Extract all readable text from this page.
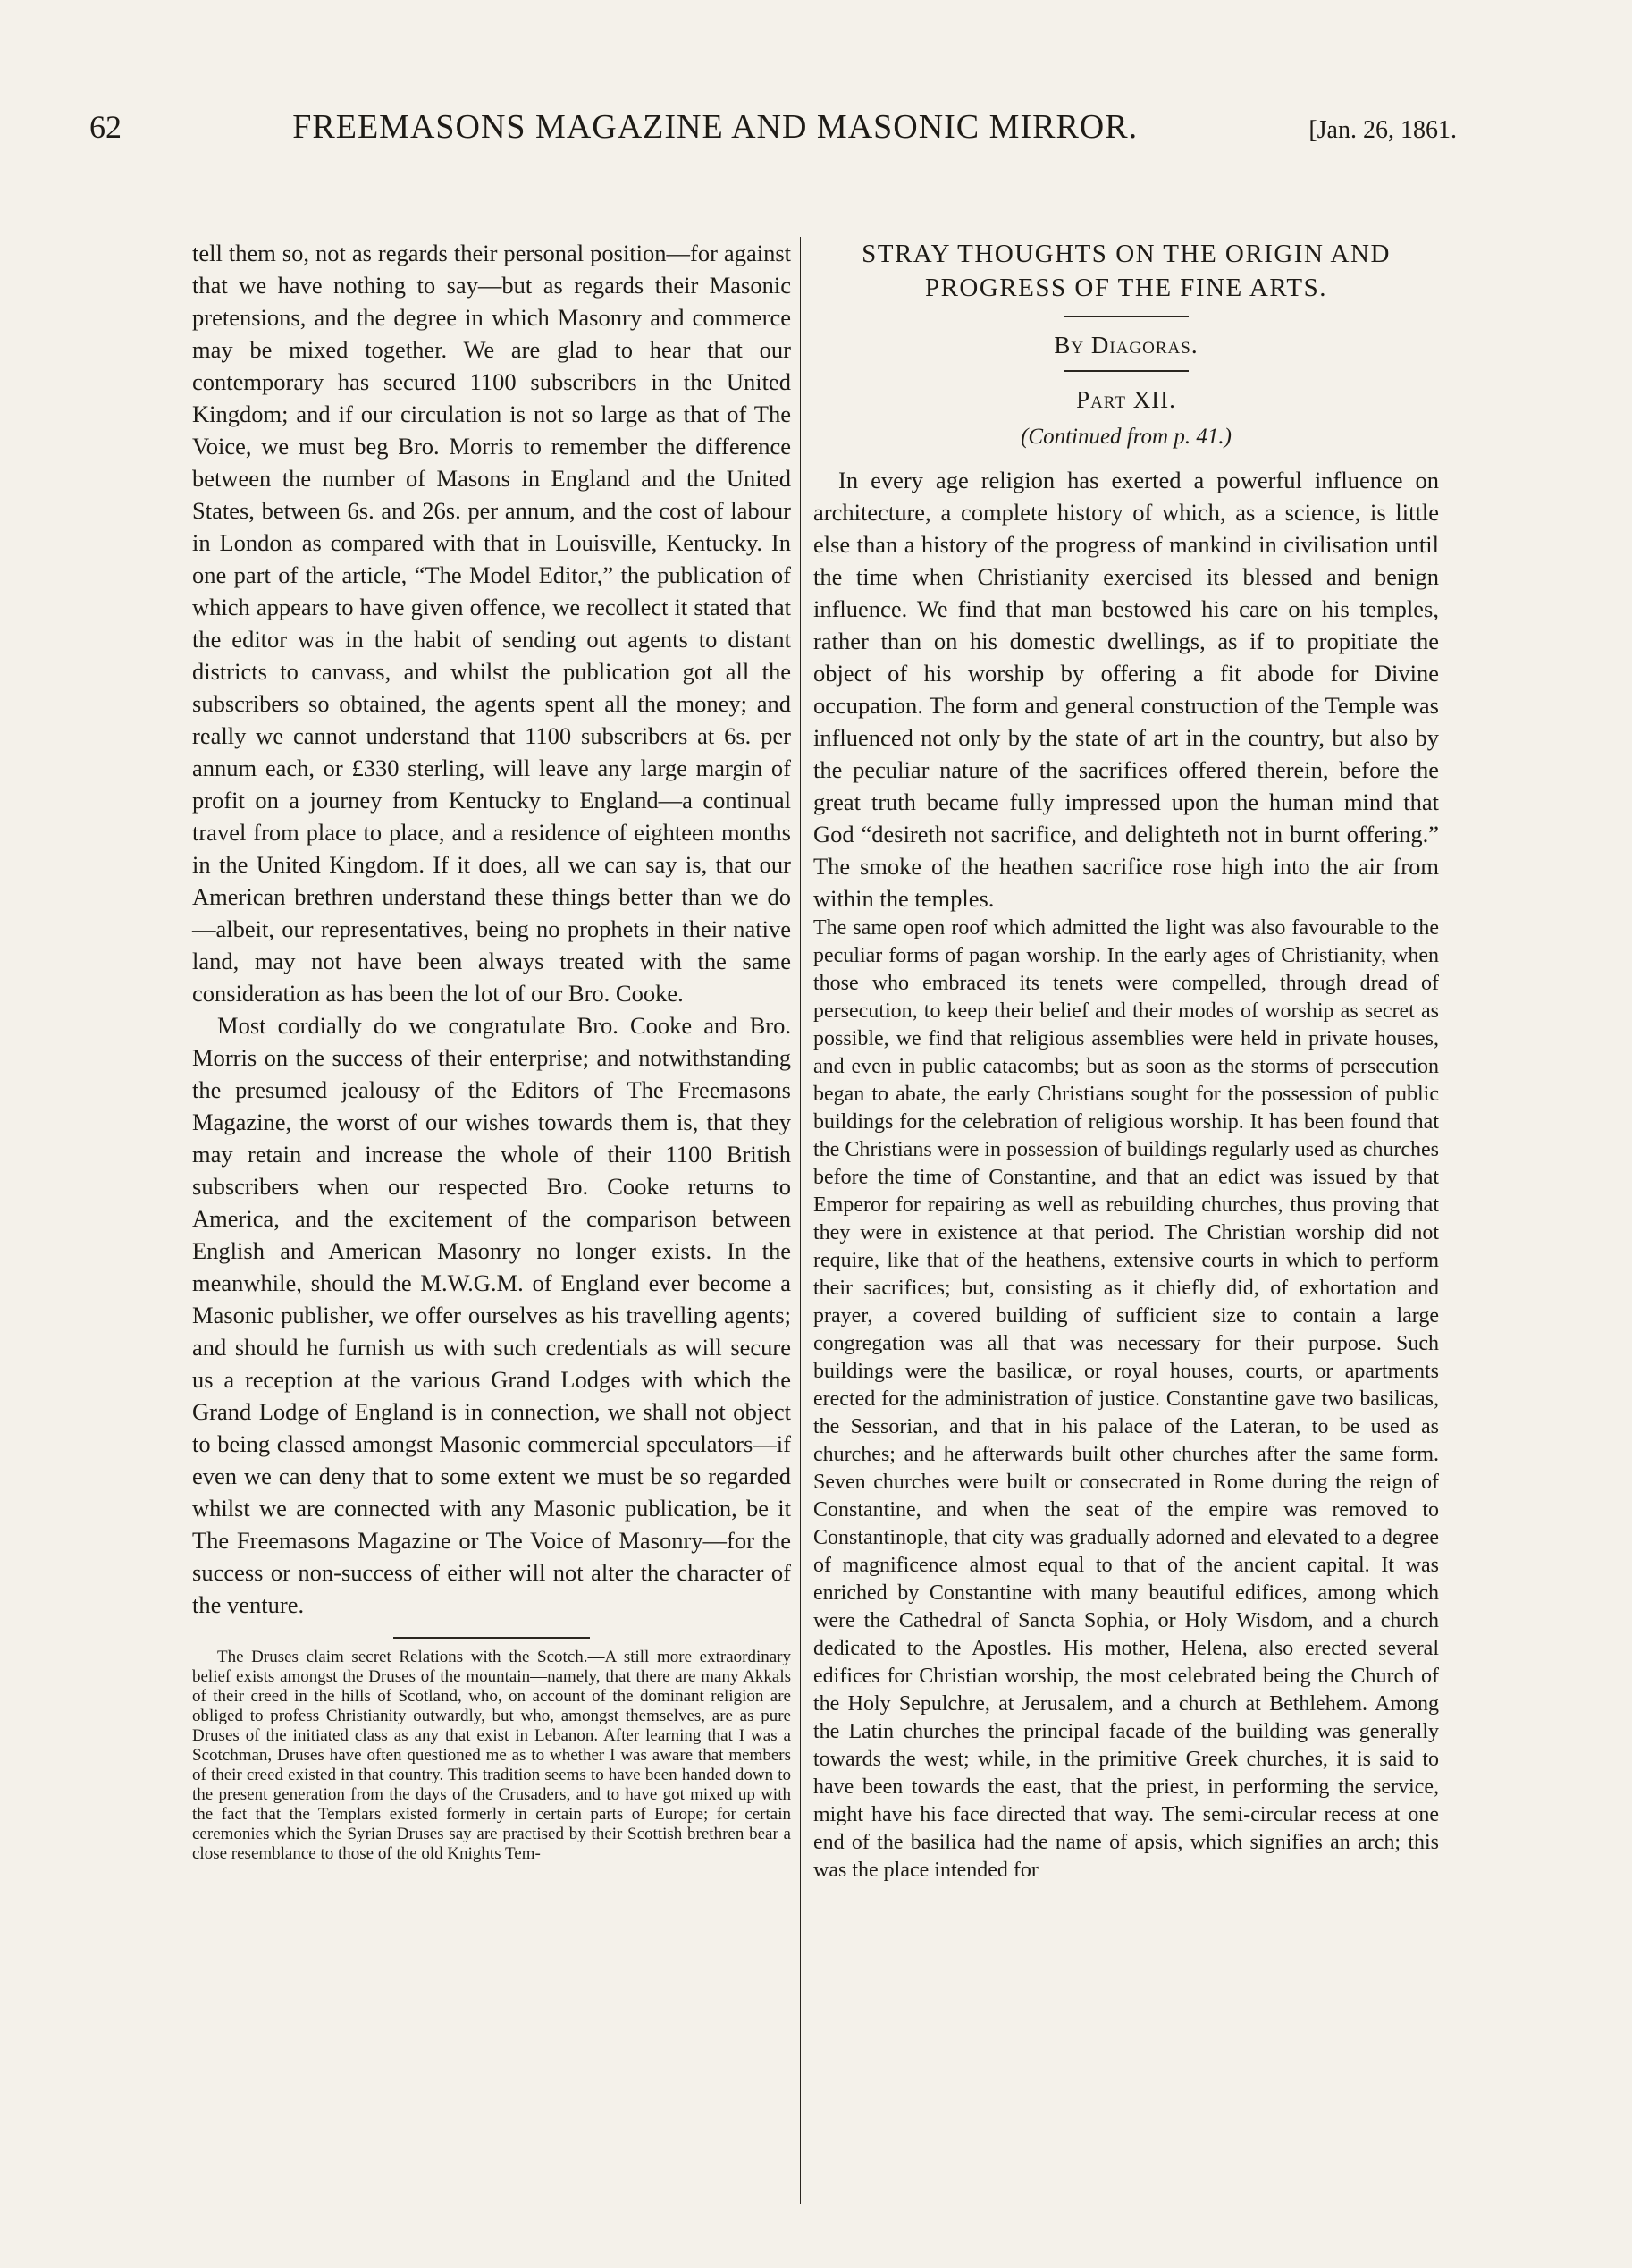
62	FREEMASONS MAGAZINE AND MASONIC MIRROR.	[Jan. 26, 1861.

tell them so, not as regards their personal position—for against that we have nothing to say—but as regards their Masonic pretensions, and the degree in which Masonry and commerce may be mixed together. We are glad to hear that our contemporary has secured 1100 subscribers in the United Kingdom; and if our circulation is not so large as that of The Voice, we must beg Bro. Morris to remember the difference between the number of Masons in England and the United States, between 6s. and 26s. per annum, and the cost of labour in London as compared with that in Louisville, Kentucky. In one part of the article, “The Model Editor,” the publication of which appears to have given offence, we recollect it stated that the editor was in the habit of sending out agents to distant districts to canvass, and whilst the publication got all the subscribers so obtained, the agents spent all the money; and really we cannot understand that 1100 subscribers at 6s. per annum each, or £330 sterling, will leave any large margin of profit on a journey from Kentucky to England—a continual travel from place to place, and a residence of eighteen months in the United Kingdom. If it does, all we can say is, that our American brethren understand these things better than we do—albeit, our representatives, being no prophets in their native land, may not have been always treated with the same consideration as has been the lot of our Bro. Cooke.

Most cordially do we congratulate Bro. Cooke and Bro. Morris on the success of their enterprise; and notwithstanding the presumed jealousy of the Editors of The Freemasons Magazine, the worst of our wishes towards them is, that they may retain and increase the whole of their 1100 British subscribers when our respected Bro. Cooke returns to America, and the excitement of the comparison between English and American Masonry no longer exists. In the meanwhile, should the M.W.G.M. of England ever become a Masonic publisher, we offer ourselves as his travelling agents; and should he furnish us with such credentials as will secure us a reception at the various Grand Lodges with which the Grand Lodge of England is in connection, we shall not object to being classed amongst Masonic commercial speculators—if even we can deny that to some extent we must be so regarded whilst we are connected with any Masonic publication, be it The Freemasons Magazine or The Voice of Masonry—for the success or non-success of either will not alter the character of the venture.

The Druses claim secret Relations with the Scotch.—A still more extraordinary belief exists amongst the Druses of the mountain—namely, that there are many Akkals of their creed in the hills of Scotland, who, on account of the dominant religion are obliged to profess Christianity outwardly, but who, amongst themselves, are as pure Druses of the initiated class as any that exist in Lebanon. After learning that I was a Scotchman, Druses have often questioned me as to whether I was aware that members of their creed existed in that country. This tradition seems to have been handed down to the present generation from the days of the Crusaders, and to have got mixed up with the fact that the Templars existed formerly in certain parts of Europe; for certain ceremonies which the Syrian Druses say are practised by their Scottish brethren bear a close resemblance to those of the old Knights Tem-

STRAY THOUGHTS ON THE ORIGIN AND PROGRESS OF THE FINE ARTS.
By Diagoras.
Part XII.
(Continued from p. 41.)

In every age religion has exerted a powerful influence on architecture, a complete history of which, as a science, is little else than a history of the progress of mankind in civilisation until the time when Christianity exercised its blessed and benign influence. We find that man bestowed his care on his temples, rather than on his domestic dwellings, as if to propitiate the object of his worship by offering a fit abode for Divine occupation. The form and general construction of the Temple was influenced not only by the state of art in the country, but also by the peculiar nature of the sacrifices offered therein, before the great truth became fully impressed upon the human mind that God “desireth not sacrifice, and delighteth not in burnt offering.” The smoke of the heathen sacrifice rose high into the air from within the temples.

The same open roof which admitted the light was also favourable to the peculiar forms of pagan worship. In the early ages of Christianity, when those who embraced its tenets were compelled, through dread of persecution, to keep their belief and their modes of worship as secret as possible, we find that religious assemblies were held in private houses, and even in public catacombs; but as soon as the storms of persecution began to abate, the early Christians sought for the possession of public buildings for the celebration of religious worship. It has been found that the Christians were in possession of buildings regularly used as churches before the time of Constantine, and that an edict was issued by that Emperor for repairing as well as rebuilding churches, thus proving that they were in existence at that period. The Christian worship did not require, like that of the heathens, extensive courts in which to perform their sacrifices; but, consisting as it chiefly did, of exhortation and prayer, a covered building of sufficient size to contain a large congregation was all that was necessary for their purpose. Such buildings were the basilicæ, or royal houses, courts, or apartments erected for the administration of justice. Constantine gave two basilicas, the Sessorian, and that in his palace of the Lateran, to be used as churches; and he afterwards built other churches after the same form. Seven churches were built or consecrated in Rome during the reign of Constantine, and when the seat of the empire was removed to Constantinople, that city was gradually adorned and elevated to a degree of magnificence almost equal to that of the ancient capital. It was enriched by Constantine with many beautiful edifices, among which were the Cathedral of Sancta Sophia, or Holy Wisdom, and a church dedicated to the Apostles. His mother, Helena, also erected several edifices for Christian worship, the most celebrated being the Church of the Holy Sepulchre, at Jerusalem, and a church at Bethlehem. Among the Latin churches the principal facade of the building was generally towards the west; while, in the primitive Greek churches, it is said to have been towards the east, that the priest, in performing the service, might have his face directed that way. The semi-circular recess at one end of the basilica had the name of apsis, which signifies an arch; this was the place intended for
